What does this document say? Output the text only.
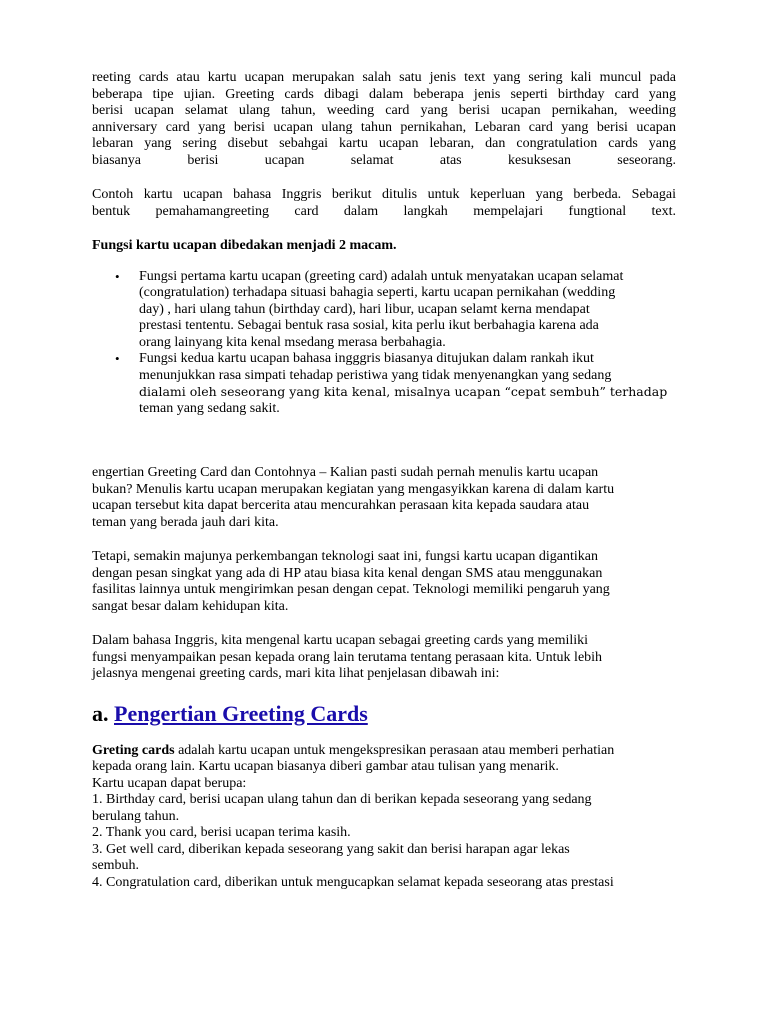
reeting cards atau kartu ucapan merupakan salah satu jenis text yang sering kali muncul pada
beberapa tipe ujian. Greeting cards dibagi dalam beberapa jenis seperti birthday card yang
berisi ucapan selamat ulang tahun, weeding card yang berisi ucapan pernikahan, weeding
anniversary card yang berisi ucapan ulang tahun pernikahan, Lebaran card yang berisi ucapan
lebaran yang sering disebut sebahgai kartu ucapan lebaran, dan congratulation cards yang
biasanya berisi ucapan selamat atas kesuksesan seseorang.
Contoh kartu ucapan bahasa Inggris berikut ditulis untuk keperluan yang berbeda. Sebagai
bentuk pemahamangreeting card dalam langkah mempelajari fungtional text.

Fungsi kartu ucapan dibedakan menjadi 2 macam.

• Fungsi pertama kartu ucapan (greeting card) adalah untuk menyatakan ucapan selamat
(congratulation) terhadapa situasi bahagia seperti, kartu ucapan pernikahan (wedding
day) , hari ulang tahun (birthday card), hari libur, ucapan selamt kerna mendapat
prestasi tententu. Sebagai bentuk rasa sosial, kita perlu ikut berbahagia karena ada
orang lainyang kita kenal msedang merasa berbahagia.
• Fungsi kedua kartu ucapan bahasa ingggris biasanya ditujukan dalam rankah ikut
menunjukkan rasa simpati tehadap peristiwa yang tidak menyenangkan yang sedang
dialami oleh seseorang yang kita kenal, misalnya ucapan “cepat sembuh” terhadap
teman yang sedang sakit.
engertian Greeting Card dan Contohnya – Kalian pasti sudah pernah menulis kartu ucapan
bukan? Menulis kartu ucapan merupakan kegiatan yang mengasyikkan karena di dalam kartu
ucapan tersebut kita dapat bercerita atau mencurahkan perasaan kita kepada saudara atau
teman yang berada jauh dari kita.
Tetapi, semakin majunya perkembangan teknologi saat ini, fungsi kartu ucapan digantikan
dengan pesan singkat yang ada di HP atau biasa kita kenal dengan SMS atau menggunakan
fasilitas lainnya untuk mengirimkan pesan dengan cepat. Teknologi memiliki pengaruh yang
sangat besar dalam kehidupan kita.
Dalam bahasa Inggris, kita mengenal kartu ucapan sebagai greeting cards yang memiliki
fungsi menyampaikan pesan kepada orang lain terutama tentang perasaan kita. Untuk lebih
jelasnya mengenai greeting cards, mari kita lihat penjelasan dibawah ini:

a. Pengertian Greeting Cards

Greting cards adalah kartu ucapan untuk mengekspresikan perasaan atau memberi perhatian
kepada orang lain. Kartu ucapan biasanya diberi gambar atau tulisan yang menarik.
Kartu ucapan dapat berupa:
1. Birthday card, berisi ucapan ulang tahun dan di berikan kepada seseorang yang sedang
berulang tahun.
2. Thank you card, berisi ucapan terima kasih.
3. Get well card, diberikan kepada seseorang yang sakit dan berisi harapan agar lekas
sembuh.
4. Congratulation card, diberikan untuk mengucapkan selamat kepada seseorang atas prestasi
